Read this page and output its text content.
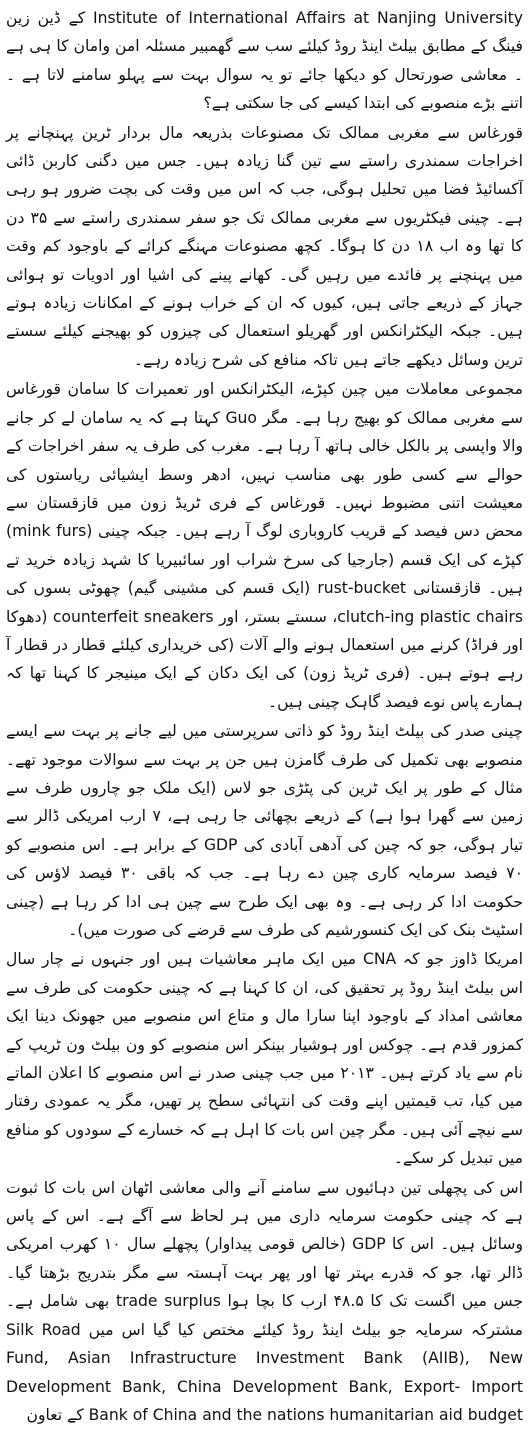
Institute of International Affairs at Nanjing University کے ڈین زین فینگ کے مطابق بیلٹ اینڈ روڈ کیلئے سب سے گھمبیر مسئلہ امن وامان کا ہی ہے ۔ معاشی صورتحال کو دیکھا جائے تو یہ سوال بہت سے پہلو سامنے لاتا ہے ۔ اتنے بڑے منصوبے کی ابتدا کیسے کی جا سکتی ہے؟

قورغاس سے مغربی ممالک تک مصنوعات بذریعہ مال بردار ٹرین پہنچانے پر اخراجات سمندری راستے سے تین گنا زیادہ ہیں۔ جس میں دگنی کاربن ڈائی آکسائیڈ فضا میں تحلیل ہوگی، جب کہ اس میں وقت کی بچت ضرور ہو رہی ہے۔ چینی فیکٹریوں سے مغربی ممالک تک جو سفر سمندری راستے سے ۳۵ دن کا تھا وہ اب ۱۸ دن کا ہوگا۔ کچھ مصنوعات مہنگے کرائے کے باوجود کم وقت میں پہنچنے پر فائدے میں رہیں گی۔ کھانے پینے کی اشیا اور ادویات تو ہوائی جہاز کے ذریعے جاتی ہیں، کیوں کہ ان کے خراب ہونے کے امکانات زیادہ ہوتے ہیں۔ جبکہ الیکٹرانکس اور گھریلو استعمال کی چیزوں کو بھیجنے کیلئے سستے ترین وسائل دیکھے جاتے ہیں تاکہ منافع کی شرح زیادہ رہے۔

مجموعی معاملات میں چین کپڑے، الیکٹرانکس اور تعمیرات کا سامان قورغاس سے مغربی ممالک کو بھیج رہا ہے۔ مگر Guo کہتا ہے کہ یہ سامان لے کر جانے والا واپسی پر بالکل خالی ہاتھ آ رہا ہے۔ مغرب کی طرف یہ سفر اخراجات کے حوالے سے کسی طور بھی مناسب نہیں، ادھر وسط ایشیائی ریاستوں کی معیشت اتنی مضبوط نہیں۔ قورغاس کے فری ٹریڈ زون میں قازقستان سے محض دس فیصد کے قریب کاروباری لوگ آ رہے ہیں۔ جبکہ چینی (mink furs) کپڑے کی ایک قسم (جارجیا کی سرخ شراب اور سائبیریا کا شہد زیادہ خرید تے ہیں۔ قازقستانی rust-bucket (ایک قسم کی مشینی گیم) چھوٹی بسوں کی clutch-ing plastic chairs، سستے بستر، اور counterfeit sneakers (دھوکا اور فراڈ) کرنے میں استعمال ہونے والے آلات (کی خریداری کیلئے قطار در قطار آ رہے ہوتے ہیں۔ (فری ٹریڈ زون) کی ایک دکان کے ایک مینیجر کا کہنا تھا کہ ہمارے پاس نوے فیصد گاہک چینی ہیں۔

چینی صدر کی بیلٹ اینڈ روڈ کو ذاتی سرپرستی میں لیے جانے پر بہت سے ایسے منصوبے بھی تکمیل کی طرف گامزن ہیں جن پر بہت سے سوالات موجود تھے۔ مثال کے طور پر ایک ٹرین کی پٹڑی جو لاس (ایک ملک جو چاروں طرف سے زمین سے گھرا ہوا ہے) کے ذریعے بچھائی جا رہی ہے، ۷ ارب امریکی ڈالر سے تیار ہوگی، جو کہ چین کی آدھی آبادی کی GDP کے برابر ہے۔ اس منصوبے کو ۷۰ فیصد سرمایہ کاری چین دے رہا ہے۔ جب کہ باقی ۳۰ فیصد لاؤس کی حکومت ادا کر رہی ہے۔ وہ بھی ایک طرح سے چین ہی ادا کر رہا ہے (چینی اسٹیٹ بنک کی ایک کنسورشیم کی طرف سے قرضے کی صورت میں)۔

امریکا ڈاوز جو کہ CNA میں ایک ماہر معاشیات ہیں اور جنہوں نے چار سال اس بیلٹ اینڈ روڈ پر تحقیق کی، ان کا کہنا ہے کہ چینی حکومت کی طرف سے معاشی امداد کے باوجود اپنا سارا مال و متاع اس منصوبے میں جھونک دینا ایک کمزور قدم ہے۔ چوکس اور ہوشیار بینکر اس منصوبے کو ون بیلٹ ون ٹریپ کے نام سے یاد کرتے ہیں۔ ۲۰۱۳ میں جب چینی صدر نے اس منصوبے کا اعلان الماتے میں کیا، تب قیمتیں اپنے وقت کی انتہائی سطح پر تھیں، مگر یہ عمودی رفتار سے نیچے آئی ہیں۔ مگر چین اس بات کا اہل ہے کہ خسارے کے سودوں کو منافع میں تبدیل کر سکے۔

اس کی پچھلی تین دہائیوں سے سامنے آنے والی معاشی اٹھان اس بات کا ثبوت ہے کہ چینی حکومت سرمایہ داری میں ہر لحاظ سے آگے ہے۔ اس کے پاس وسائل ہیں۔ اس کا GDP (خالص قومی پیداوار) پچھلے سال ۱۰ کھرب امریکی ڈالر تھا، جو کہ قدرے بہتر تھا اور پھر بہت آہستہ سے مگر بتدریج بڑھتا گیا۔ جس میں اگست تک کا ۴۸.۵ ارب کا بچا ہوا trade surplus بھی شامل ہے۔ مشترکہ سرمایہ جو بیلٹ اینڈ روڈ کیلئے مختص کیا گیا اس میں Silk Road Fund, Asian Infrastructure Investment Bank (AIIB), New Development Bank, China Development Bank, Export- Import Bank of China and the nations humanitarian aid budget کے تعاون
